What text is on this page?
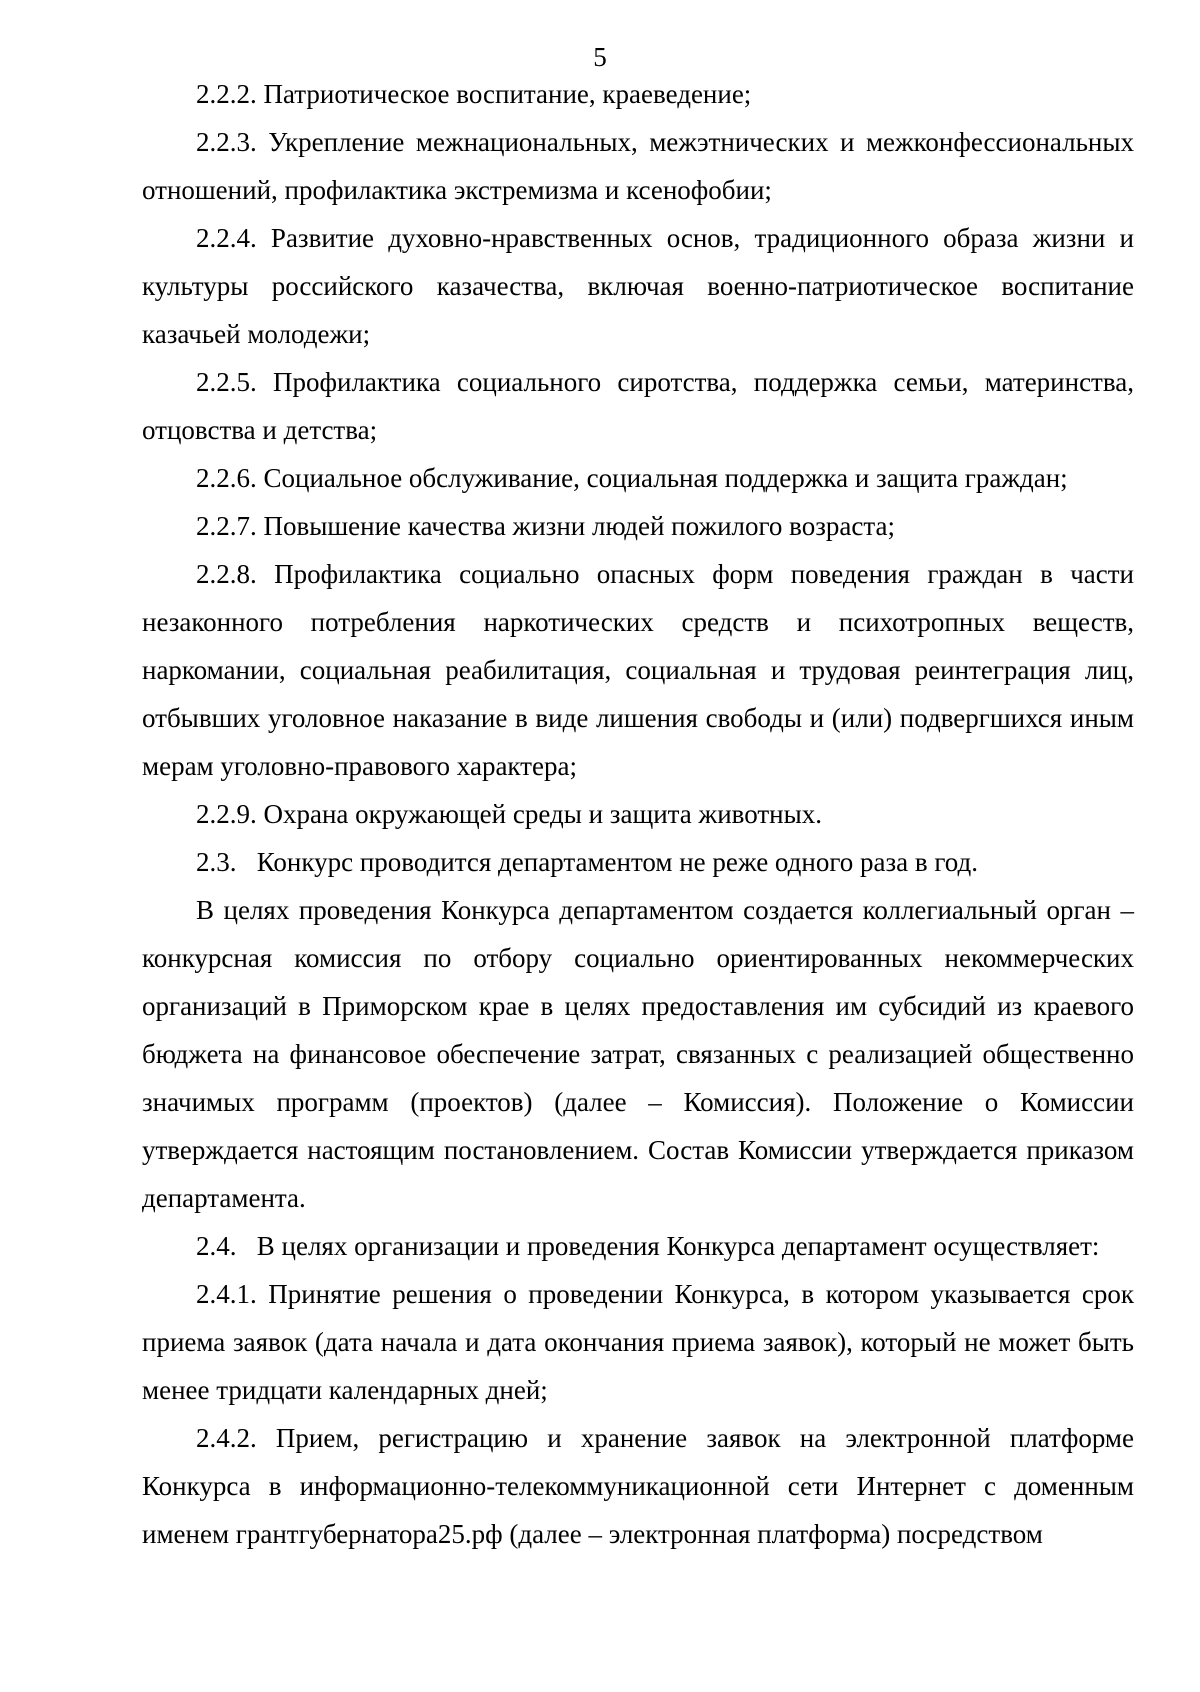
5

2.2.2. Патриотическое воспитание, краеведение;

2.2.3. Укрепление межнациональных, межэтнических и межконфессиональных отношений, профилактика экстремизма и ксенофобии;

2.2.4. Развитие духовно-нравственных основ, традиционного образа жизни и культуры российского казачества, включая военно-патриотическое воспитание казачьей молодежи;

2.2.5. Профилактика социального сиротства, поддержка семьи, материнства, отцовства и детства;

2.2.6. Социальное обслуживание, социальная поддержка и защита граждан;

2.2.7. Повышение качества жизни людей пожилого возраста;

2.2.8. Профилактика социально опасных форм поведения граждан в части незаконного потребления наркотических средств и психотропных веществ, наркомании, социальная реабилитация, социальная и трудовая реинтеграция лиц, отбывших уголовное наказание в виде лишения свободы и (или) подвергшихся иным мерам уголовно-правового характера;

2.2.9. Охрана окружающей среды и защита животных.

2.3.   Конкурс проводится департаментом не реже одного раза в год.

В целях проведения Конкурса департаментом создается коллегиальный орган – конкурсная комиссия по отбору социально ориентированных некоммерческих организаций в Приморском крае в целях предоставления им субсидий из краевого бюджета на финансовое обеспечение затрат, связанных с реализацией общественно значимых программ (проектов) (далее – Комиссия). Положение о Комиссии утверждается настоящим постановлением. Состав Комиссии утверждается приказом департамента.

2.4.   В целях организации и проведения Конкурса департамент осуществляет:

2.4.1. Принятие решения о проведении Конкурса, в котором указывается срок приема заявок (дата начала и дата окончания приема заявок), который не может быть менее тридцати календарных дней;

2.4.2. Прием, регистрацию и хранение заявок на электронной платформе Конкурса в информационно-телекоммуникационной сети Интернет с доменным именем грантгубернатора25.рф (далее – электронная платформа) посредством
